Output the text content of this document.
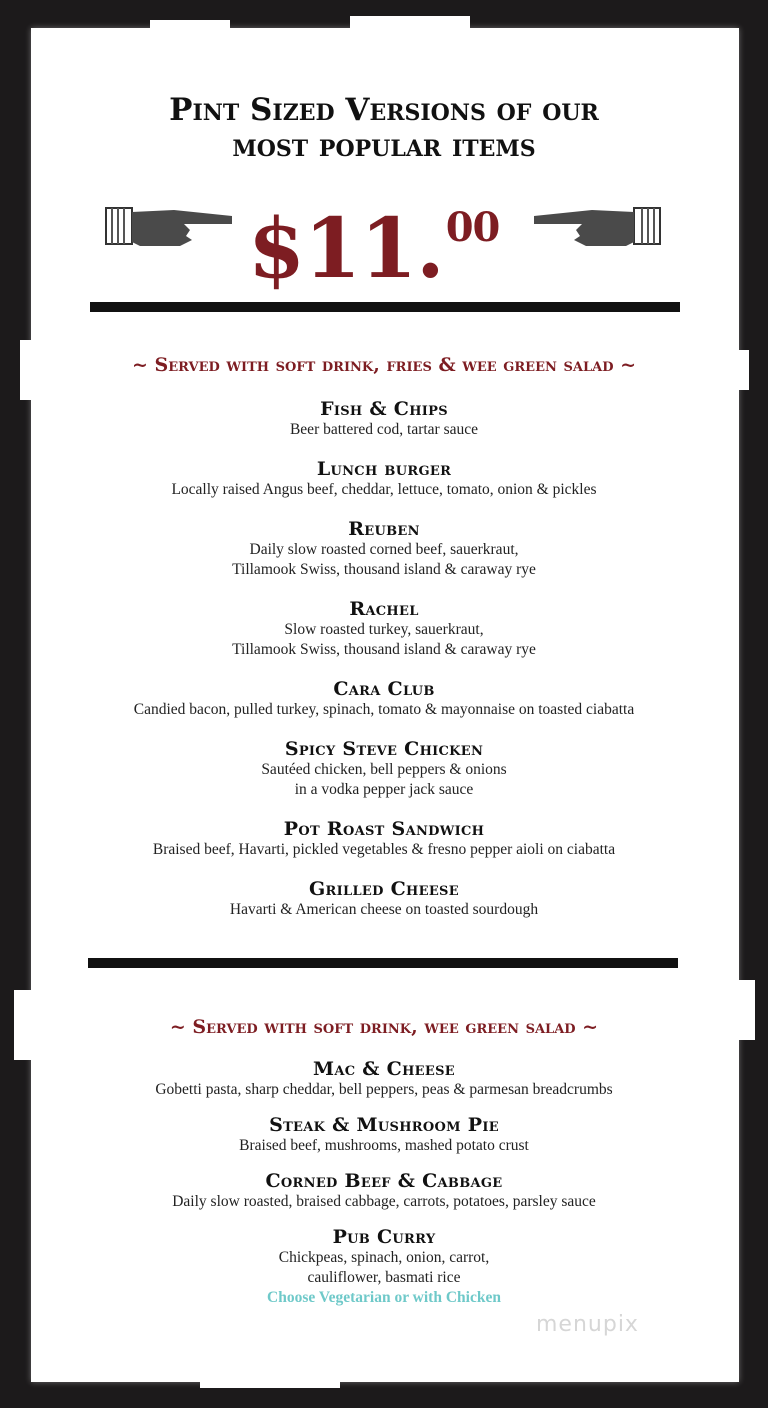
Pint Sized Versions of our
most popular items
$11.00
~ Served with soft drink, fries & wee green salad ~
Fish & Chips
Beer battered cod, tartar sauce
Lunch burger
Locally raised Angus beef, cheddar, lettuce, tomato, onion & pickles
Reuben
Daily slow roasted corned beef, sauerkraut,
Tillamook Swiss, thousand island & caraway rye
Rachel
Slow roasted turkey, sauerkraut,
Tillamook Swiss, thousand island & caraway rye
Cara Club
Candied bacon, pulled turkey, spinach, tomato & mayonnaise on toasted ciabatta
Spicy Steve Chicken
Sautéed chicken, bell peppers & onions
in a vodka pepper jack sauce
Pot Roast Sandwich
Braised beef, Havarti, pickled vegetables & fresno pepper aioli on ciabatta
Grilled Cheese
Havarti & American cheese on toasted sourdough
~ Served with soft drink, wee green salad ~
Mac & Cheese
Gobetti pasta, sharp cheddar, bell peppers, peas & parmesan breadcrumbs
Steak & Mushroom Pie
Braised beef, mushrooms, mashed potato crust
Corned Beef & Cabbage
Daily slow roasted, braised cabbage, carrots, potatoes, parsley sauce
Pub Curry
Chickpeas, spinach, onion, carrot,
cauliflower, basmati rice
Choose Vegetarian or with Chicken
menupix
